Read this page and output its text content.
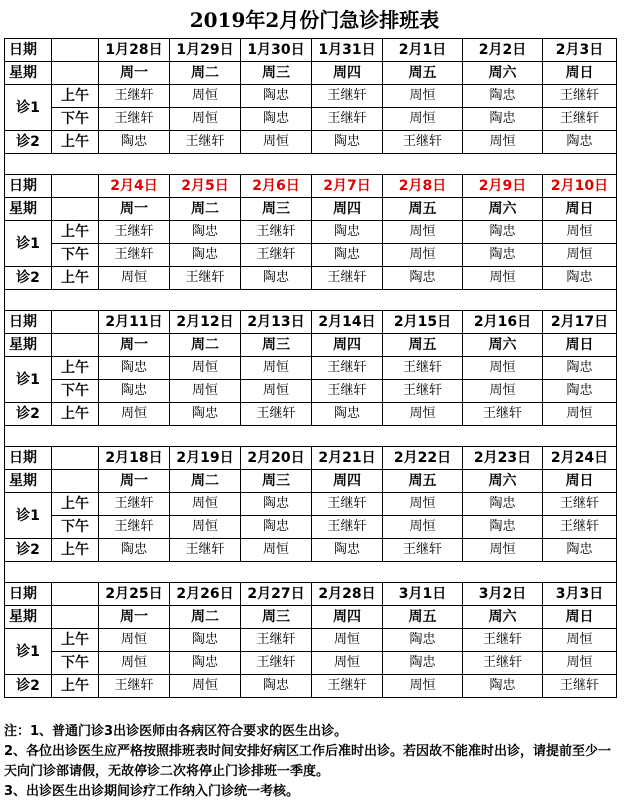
2019年2月份门急诊排班表
日期		1月28日	1月29日	1月30日	1月31日	2月1日	2月2日	2月3日
星期		周一	周二	周三	周四	周五	周六	周日
诊1	上午	王继轩	周恒	陶忠	王继轩	周恒	陶忠	王继轩
	下午	王继轩	周恒	陶忠	王继轩	周恒	陶忠	王继轩
诊2	上午	陶忠	王继轩	周恒	陶忠	王继轩	周恒	陶忠

日期		2月4日	2月5日	2月6日	2月7日	2月8日	2月9日	2月10日
星期		周一	周二	周三	周四	周五	周六	周日
诊1	上午	王继轩	陶忠	王继轩	陶忠	周恒	陶忠	周恒
	下午	王继轩	陶忠	王继轩	陶忠	周恒	陶忠	周恒
诊2	上午	周恒	王继轩	陶忠	王继轩	陶忠	周恒	陶忠

日期		2月11日	2月12日	2月13日	2月14日	2月15日	2月16日	2月17日
星期		周一	周二	周三	周四	周五	周六	周日
诊1	上午	陶忠	周恒	周恒	王继轩	王继轩	周恒	陶忠
	下午	陶忠	周恒	周恒	王继轩	王继轩	周恒	陶忠
诊2	上午	周恒	陶忠	王继轩	陶忠	周恒	王继轩	周恒

日期		2月18日	2月19日	2月20日	2月21日	2月22日	2月23日	2月24日
星期		周一	周二	周三	周四	周五	周六	周日
诊1	上午	王继轩	周恒	陶忠	王继轩	周恒	陶忠	王继轩
	下午	王继轩	周恒	陶忠	王继轩	周恒	陶忠	王继轩
诊2	上午	陶忠	王继轩	周恒	陶忠	王继轩	周恒	陶忠

日期		2月25日	2月26日	2月27日	2月28日	3月1日	3月2日	3月3日
星期		周一	周二	周三	周四	周五	周六	周日
诊1	上午	周恒	陶忠	王继轩	周恒	陶忠	王继轩	周恒
	下午	周恒	陶忠	王继轩	周恒	陶忠	王继轩	周恒
诊2	上午	王继轩	周恒	陶忠	王继轩	周恒	陶忠	王继轩
注：1、普通门诊3出诊医师由各病区符合要求的医生出诊。
2、各位出诊医生应严格按照排班表时间安排好病区工作后准时出诊。若因故不能准时出诊，请提前至少一天向门诊部请假，无故停诊二次将停止门诊排班一季度。
3、出诊医生出诊期间诊疗工作纳入门诊统一考核。
